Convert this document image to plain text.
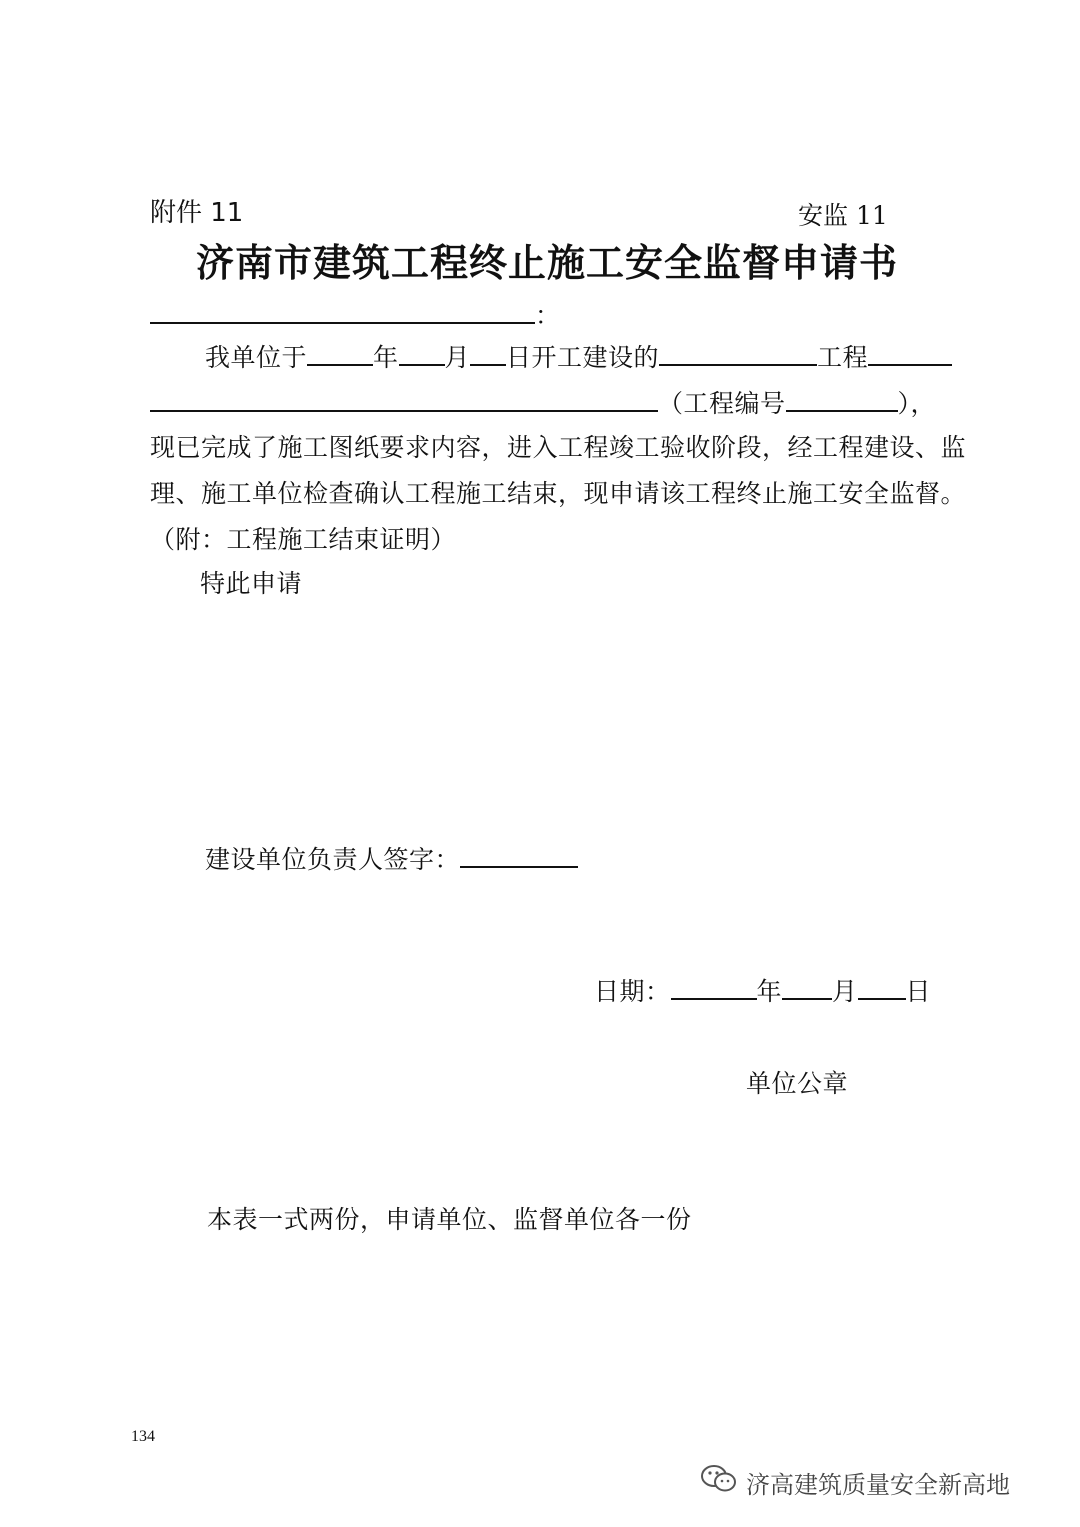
附件 11	安监 11
济南市建筑工程终止施工安全监督申请书
：
我单位于	年 月 日开工建设的	工程
（工程编号	），
现已完成了施工图纸要求内容，进入工程竣工验收阶段，经工程建设、监
理、施工单位检查确认工程施工结束，现申请该工程终止施工安全监督。
（附：工程施工结束证明）
特此申请
建设单位负责人签字：
日期：	年 月 日
单位公章
本表一式两份，申请单位、监督单位各一份
134
济高建筑质量安全新高地
